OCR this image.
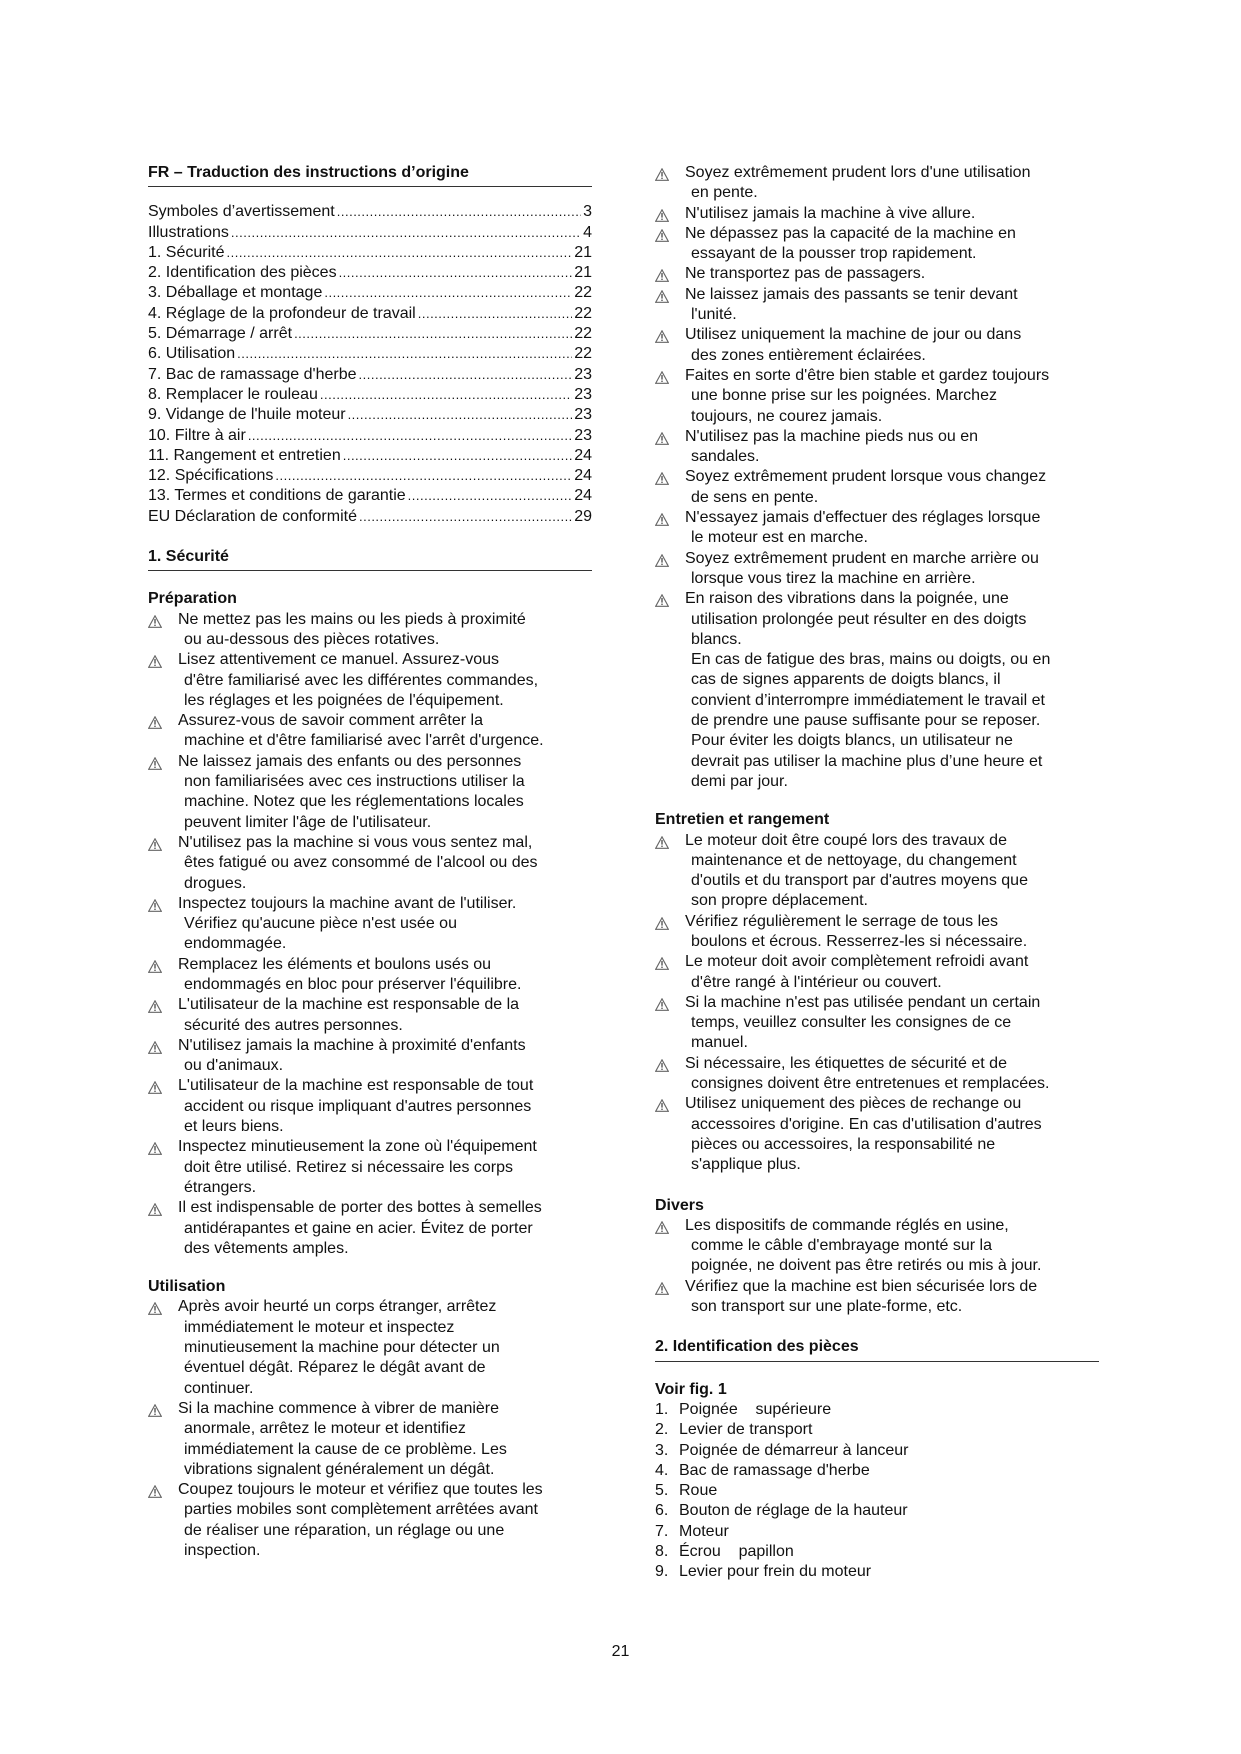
FR – Traduction des instructions d’origine
Symboles d’avertissement .....	3
Illustrations .....	4
1. Sécurité .....	21
2. Identification des pièces .....	21
3. Déballage et montage .....	22
4. Réglage de la profondeur de travail .....	22
5. Démarrage / arrêt .....	22
6. Utilisation .....	22
7. Bac de ramassage d'herbe .....	23
8. Remplacer le rouleau .....	23
9. Vidange de l'huile moteur .....	23
10. Filtre à air .....	23
11. Rangement et entretien .....	24
12. Spécifications .....	24
13. Termes et conditions de garantie .....	24
EU Déclaration de conformité .....	29
1. Sécurité
Préparation
Ne mettez pas les mains ou les pieds à proximité
ou au-dessous des pièces rotatives.
Lisez attentivement ce manuel. Assurez-vous
d'être familiarisé avec les différentes commandes,
les réglages et les poignées de l'équipement.
Assurez-vous de savoir comment arrêter la
machine et d'être familiarisé avec l'arrêt d'urgence.
Ne laissez jamais des enfants ou des personnes
non familiarisées avec ces instructions utiliser la
machine. Notez que les réglementations locales
peuvent limiter l'âge de l'utilisateur.
N'utilisez pas la machine si vous vous sentez mal,
êtes fatigué ou avez consommé de l'alcool ou des
drogues.
Inspectez toujours la machine avant de l'utiliser.
Vérifiez qu'aucune pièce n'est usée ou
endommagée.
Remplacez les éléments et boulons usés ou
endommagés en bloc pour préserver l'équilibre.
L'utilisateur de la machine est responsable de la
sécurité des autres personnes.
N'utilisez jamais la machine à proximité d'enfants
ou d'animaux.
L'utilisateur de la machine est responsable de tout
accident ou risque impliquant d'autres personnes
et leurs biens.
Inspectez minutieusement la zone où l'équipement
doit être utilisé. Retirez si nécessaire les corps
étrangers.
Il est indispensable de porter des bottes à semelles
antidérapantes et gaine en acier. Évitez de porter
des vêtements amples.
Utilisation
Après avoir heurté un corps étranger, arrêtez
immédiatement le moteur et inspectez
minutieusement la machine pour détecter un
éventuel dégât. Réparez le dégât avant de
continuer.
Si la machine commence à vibrer de manière
anormale, arrêtez le moteur et identifiez
immédiatement la cause de ce problème. Les
vibrations signalent généralement un dégât.
Coupez toujours le moteur et vérifiez que toutes les
parties mobiles sont complètement arrêtées avant
de réaliser une réparation, un réglage ou une
inspection.
Soyez extrêmement prudent lors d'une utilisation
en pente.
N'utilisez jamais la machine à vive allure.
Ne dépassez pas la capacité de la machine en
essayant de la pousser trop rapidement.
Ne transportez pas de passagers.
Ne laissez jamais des passants se tenir devant
l'unité.
Utilisez uniquement la machine de jour ou dans
des zones entièrement éclairées.
Faites en sorte d'être bien stable et gardez toujours
une bonne prise sur les poignées. Marchez
toujours, ne courez jamais.
N'utilisez pas la machine pieds nus ou en
sandales.
Soyez extrêmement prudent lorsque vous changez
de sens en pente.
N'essayez jamais d'effectuer des réglages lorsque
le moteur est en marche.
Soyez extrêmement prudent en marche arrière ou
lorsque vous tirez la machine en arrière.
En raison des vibrations dans la poignée, une
utilisation prolongée peut résulter en des doigts
blancs.
En cas de fatigue des bras, mains ou doigts, ou en
cas de signes apparents de doigts blancs, il
convient d’interrompre immédiatement le travail et
de prendre une pause suffisante pour se reposer.
Pour éviter les doigts blancs, un utilisateur ne
devrait pas utiliser la machine plus d’une heure et
demi par jour.
Entretien et rangement
Le moteur doit être coupé lors des travaux de
maintenance et de nettoyage, du changement
d'outils et du transport par d'autres moyens que
son propre déplacement.
Vérifiez régulièrement le serrage de tous les
boulons et écrous. Resserrez-les si nécessaire.
Le moteur doit avoir complètement refroidi avant
d'être rangé à l'intérieur ou couvert.
Si la machine n'est pas utilisée pendant un certain
temps, veuillez consulter les consignes de ce
manuel.
Si nécessaire, les étiquettes de sécurité et de
consignes doivent être entretenues et remplacées.
Utilisez uniquement des pièces de rechange ou
accessoires d'origine. En cas d'utilisation d'autres
pièces ou accessoires, la responsabilité ne
s'applique plus.
Divers
Les dispositifs de commande réglés en usine,
comme le câble d'embrayage monté sur la
poignée, ne doivent pas être retirés ou mis à jour.
Vérifiez que la machine est bien sécurisée lors de
son transport sur une plate-forme, etc.
2. Identification des pièces
Voir fig. 1
1. Poignée    supérieure
2. Levier de transport
3. Poignée de démarreur à lanceur
4. Bac de ramassage d'herbe
5. Roue
6. Bouton de réglage de la hauteur
7. Moteur
8. Écrou    papillon
9. Levier pour frein du moteur
21
